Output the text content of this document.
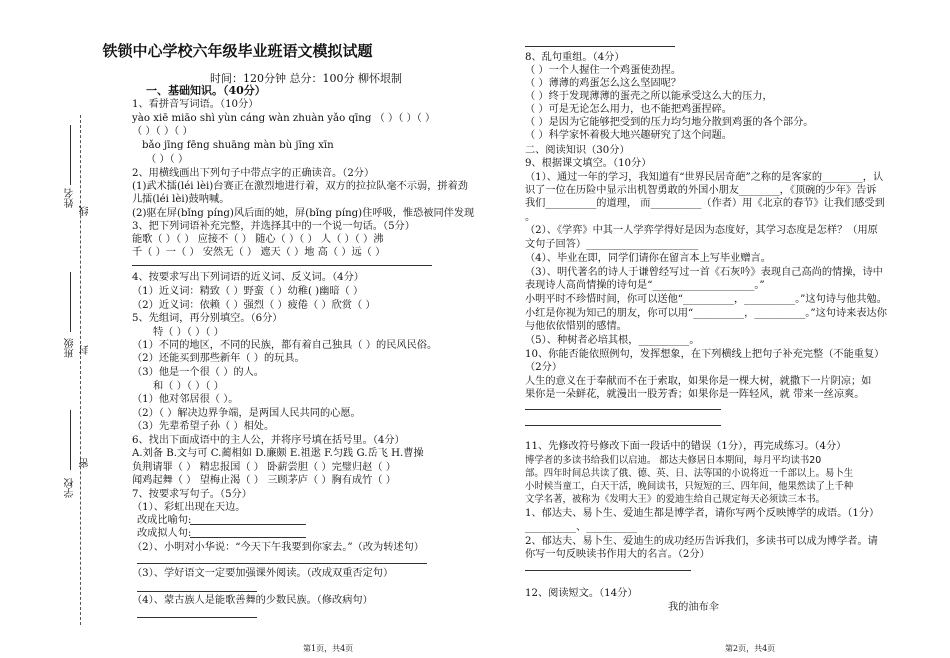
姓名
线
班级 封
学校
密
铁锁中心学校六年级毕业班语文模拟试题
时间：120分钟 总分：100分 柳怀垠制
一、基础知识。（40分）
1、看拼音写词语。（10分）
yào xiē miāo shì yùn cáng wàn zhuàn yǎo qīng （ ）（ ）（ ）
（ ）（ ）（ ）
bǎo jīng fēng shuāng màn bù jīng xīn
（ ）（ ）
2、用横线画出下列句子中带点字的正确读音。（2分）
(1)武术擂(léi lèi)台赛正在激烈地进行着，双方的拉拉队毫不示弱，拼着劲
儿擂(léi lèi)鼓呐喊。
(2)驱在屏(bǐng píng)风后面的她，屏(bǐng píng)住呼吸，惟恐被同伴发现
3、把下列词语补充完整，并选择其中的一个说一句话。（5分）
能歌（ ）（ ） 应接不（ ） 随心（ ）（ ） 人（ ）（ ）沸
千（ ）一（ ） 安然无（ ） 遮天（ ）地 高（ ）远（ ）
4、按要求写出下列词语的近义词、反义词。（4分）
（1）近义词：精致（ ）野蛮（ ）幼稚( )幽暗（ ）
（2）近义词：依赖（ ）强烈（ ）疲倦（ ）欣赏（ ）
5、先组词，再分别填空。（6分）
特（ ）（ ）（ ）
（1）不同的地区，不同的民族，都有着自己独具（ ）的民风民俗。
（2）还能买到那些新年（ ）的玩具。
（3）他是一个很（ ）的人。
和（ ）（ ）（ ）
（1）他对邻居很（ ）。
（2）（ ）解决边界争端，是两国人民共同的心愿。
（3）先辈希望子孙（ ）相处。
6、找出下面成语中的主人公，并将序号填在括号里。（4分）
A.刘备 B.文与可 C.蔺相如 D.廉颇 E.祖逖 F.匀践 G.岳飞 H.曹操
负荆请罪（ ） 精忠报国（ ） 卧薪尝胆（ ）完璧归赵（ ）
闻鸡起舞（ ） 望梅止渴（ ） 三顾茅庐（ ）胸有成竹（ ）
7、按要求写句子。（5分）
（1）、彩虹出现在天边。
改成比喻句:
改成拟人句:
（2）、小明对小华说：“今天下午我要到你家去。”（改为转述句）
（3）、学好语文一定要加强课外阅读。（改成双重否定句）
（4）、蒙古族人是能歌善舞的少数民族。（修改病句）
8、乱句重组。（4分）
（ ）一个人握住一个鸡蛋使劲捏。
（ ）薄薄的鸡蛋怎么这么坚固呢？
（ ）终于发现薄薄的蛋壳之所以能承受这么大的压力，
（ ）可是无论怎么用力，也不能把鸡蛋捏碎。
（ ）是因为它能够把受到的压力均匀地分散到鸡蛋的各个部分。
（ ）科学家怀着极大地兴趣研究了这个问题。
二、阅读知识（30分）
9、根据课文填空。（10分）
（1）、通过一年的学习，我知道有“世界民居奇葩”之称的是客家的________，认
识了一位在历险中显示出机智勇敢的外国小朋友________，《顶碗的少年》告诉
我们__________的道理， 而__________（作者）用《北京的春节》让我们感受到
。
（2）、《学弈》中其一人学弈学得好是因为态度好，其学习态度是怎样？（用原
文句子回答）______________________
（4）、毕业在即，同学们请你在留言本上写毕业赠言。
（3）、明代著名的诗人于谦曾经写过一首《石灰吟》表现自己高尚的情操，诗中
表现诗人高尚情操的诗句是“____________________。”
小明平时不珍惜时间，你可以送他“__________，__________。”这句诗与他共勉。
小红是你视为知己的朋友，你可以用“__________，__________。”这句诗来表达你
与他依依惜别的感情。
（5）、种树者必培其根，__________。
10、你能否能依照例句，发挥想象，在下列横线上把句子补充完整（不能重复）
（2分）
人生的意义在于奉献而不在于索取，如果你是一棵大树，就撒下一片阴凉；如
果你是一朵鲜花，就漫出一股芳香；如果你是一阵轻风，就 带来一丝凉爽。
11、先修改符号修改下面一段话中的错误（1分），再完成练习。（4分）
博学者的多读书给我们以启迪。 都达夫修居日本期间，每月平均读书20
部。四年时间总共读了俄、德、英、日、法等国的小说将近一千部以上。易卜生
小时候当童工，白天干活，晚间读书，只短短的三、四年间，他果然读了上千种
文学名著，被称为《发明大王》的爱迪生给自己规定每天必须读三本书。
1、郁达夫、易卜生、爱迪生都是博学者，请你写两个反映博学的成语。（1分）
__________、__________
2、郁达夫、易卜生、爱迪生的成功经历告诉我们，多读书可以成为博学者。请
你写一句反映读书作用大的名言。（2分）
12、阅读短文。（14分）
我的油布伞
第1页，共4页	第2页，共4页
